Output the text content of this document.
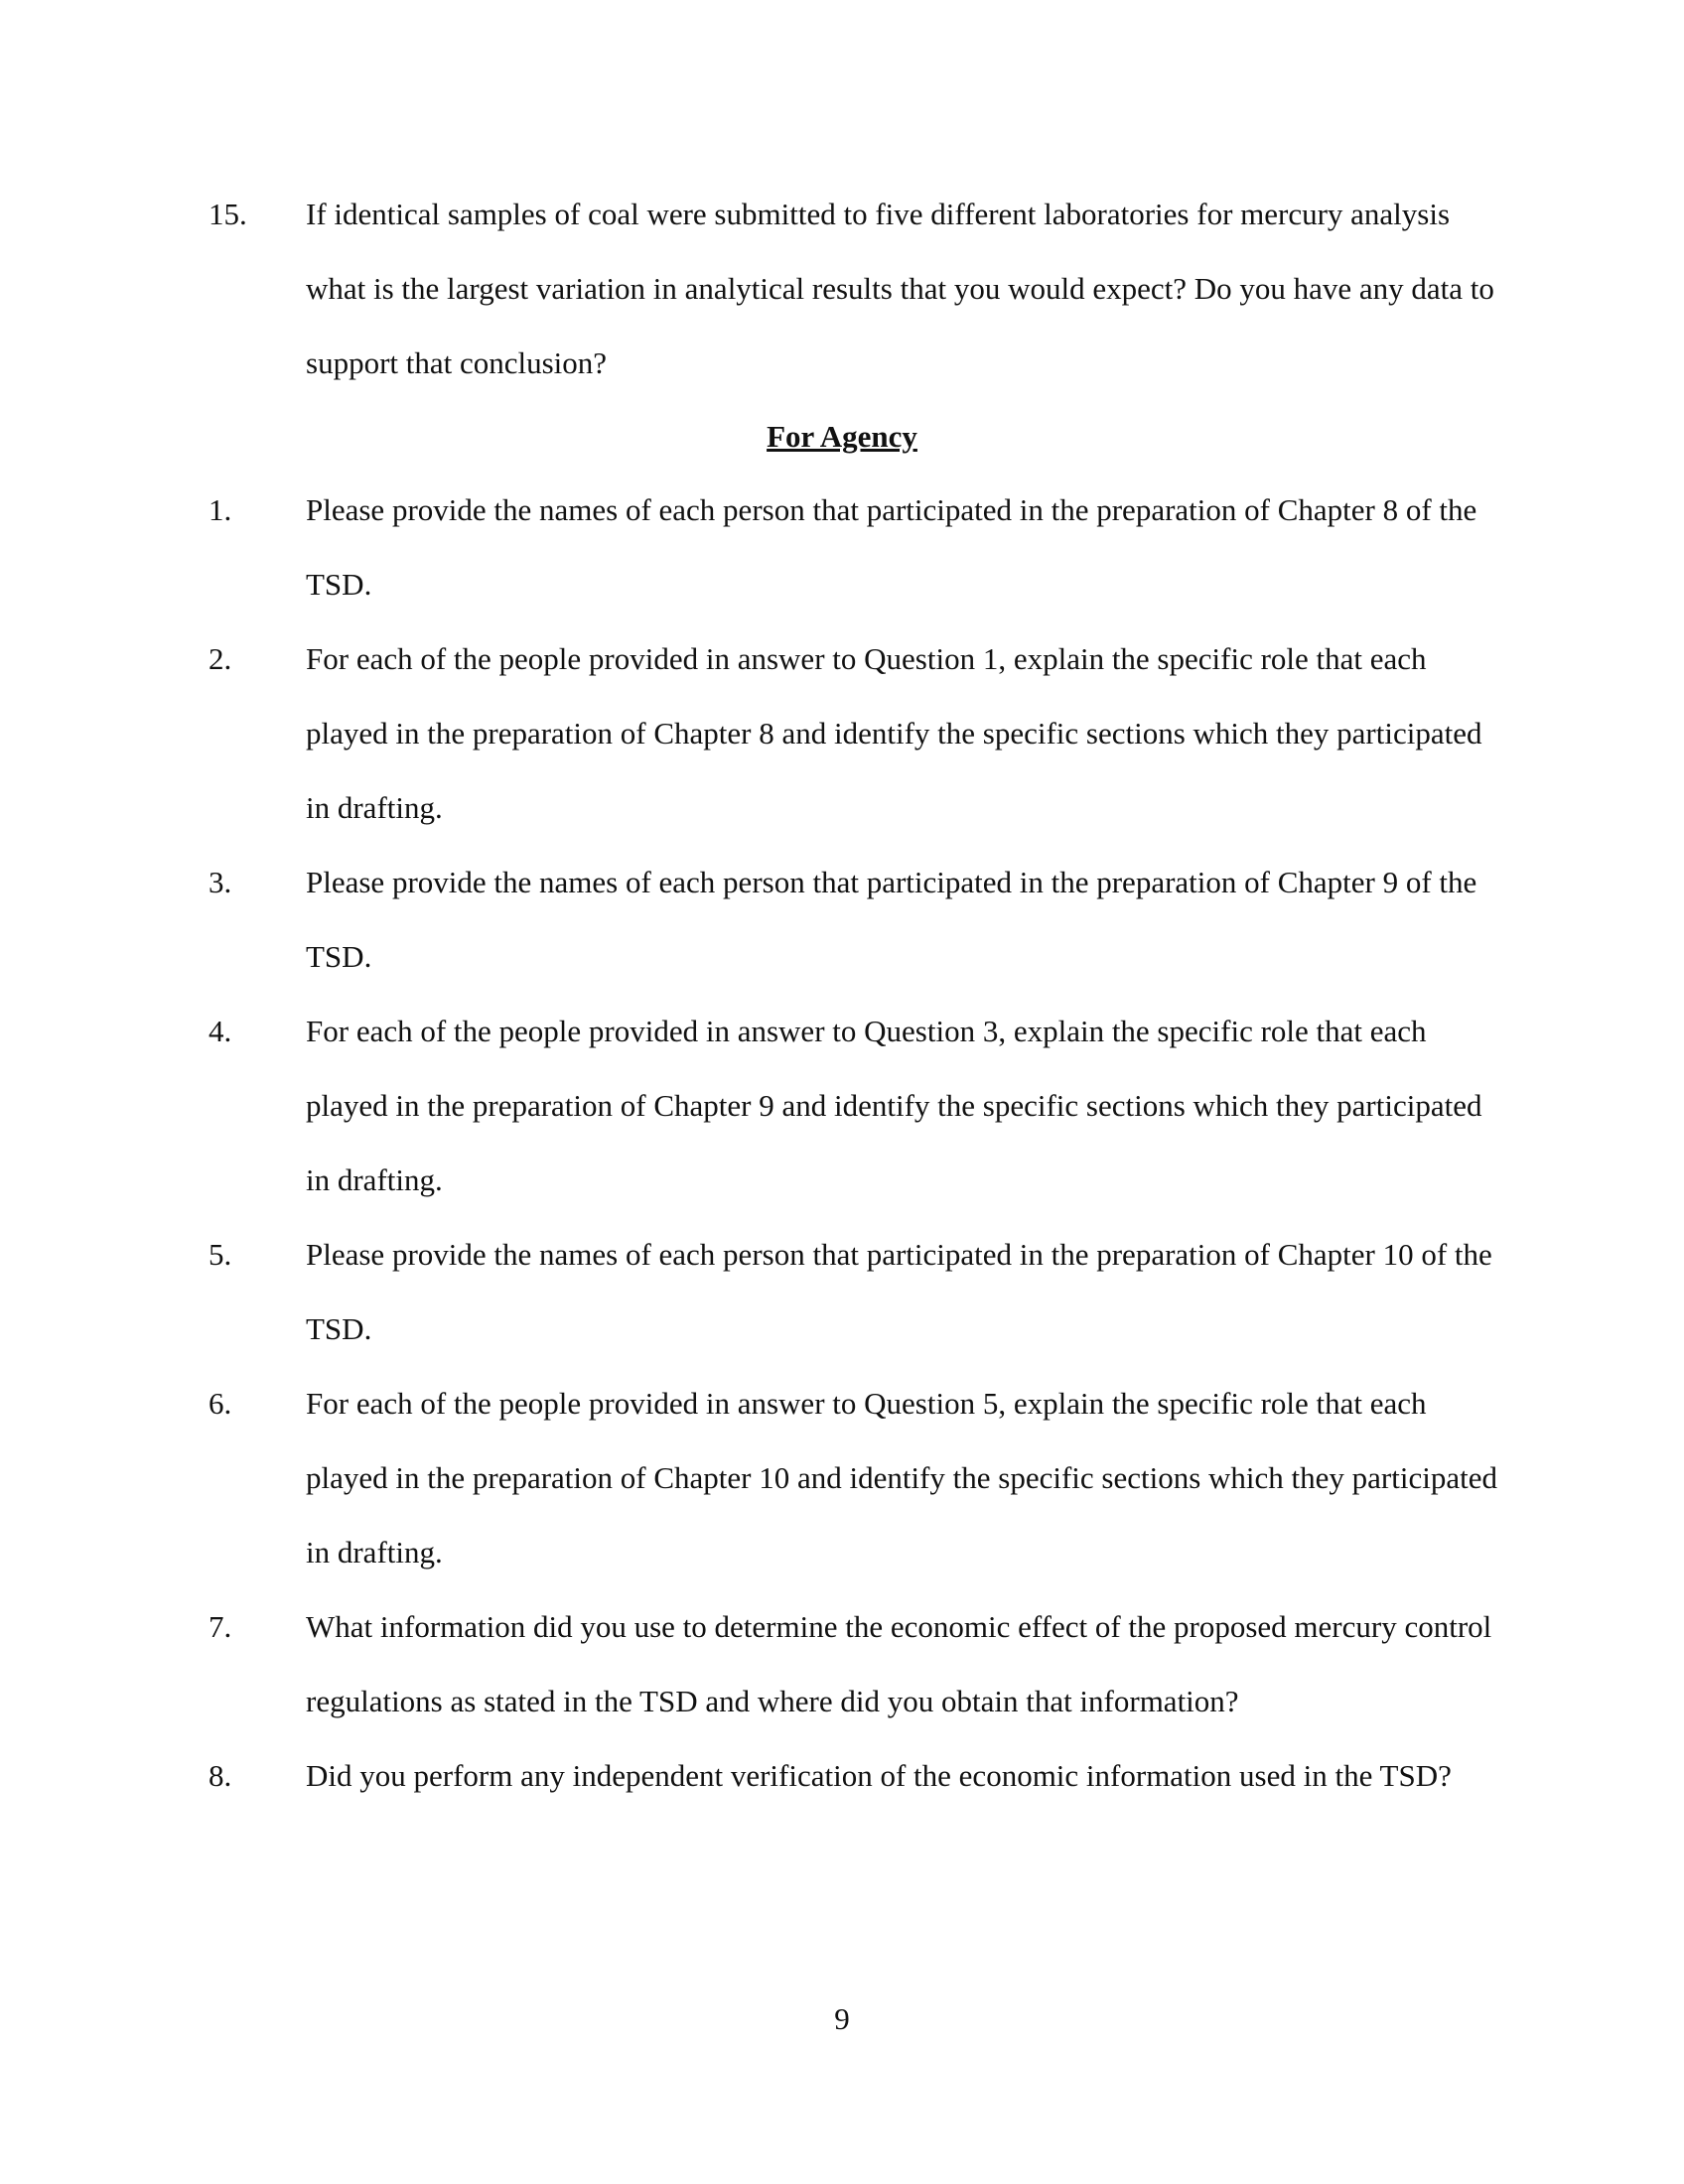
15. If identical samples of coal were submitted to five different laboratories for mercury analysis what is the largest variation in analytical results that you would expect? Do you have any data to support that conclusion?

For Agency
1. Please provide the names of each person that participated in the preparation of Chapter 8 of the TSD.

2. For each of the people provided in answer to Question 1, explain the specific role that each played in the preparation of Chapter 8 and identify the specific sections which they participated in drafting.

3. Please provide the names of each person that participated in the preparation of Chapter 9 of the TSD.

4. For each of the people provided in answer to Question 3, explain the specific role that each played in the preparation of Chapter 9 and identify the specific sections which they participated in drafting.

5. Please provide the names of each person that participated in the preparation of Chapter 10 of the TSD.

6. For each of the people provided in answer to Question 5, explain the specific role that each played in the preparation of Chapter 10 and identify the specific sections which they participated in drafting.

7. What information did you use to determine the economic effect of the proposed mercury control regulations as stated in the TSD and where did you obtain that information?

8. Did you perform any independent verification of the economic information used in the TSD?

9
